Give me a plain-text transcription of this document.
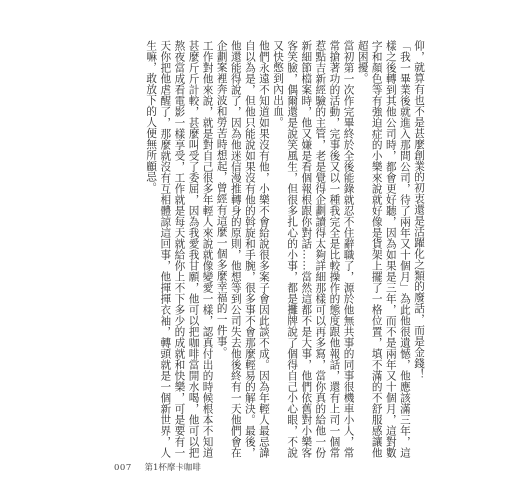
仰，就算有也不是甚麼創業的初衷還是活躍化之類的廢話，而是金錢！

「我一畢業後就進入那間公司，待了兩年又十個月」為此他很遺憾，他應該滿三年，這樣之後轉到其他公司時，都會更好聽，因為如果是三年，而不是兩年又十個月，這對數字和顏色等有強迫症的小樂來說就好像是貨架上擺了一格位置，填不滿的不舒服感讓他超困擾。

當初第一次作完畢終於全後能錄就忍不住辭職了，源於他無共事的同事很機車小人，常常搶著功的活動，完事後又以一種我完全是比較操作的態度跟他報話，還有上司一個常惹點吉新經驗的主管，老是覺得企劃讀得太夠詳細那樣可以再多寫，當你真的給他一份新細節檔案時，他又嫌是看個報根跟你對話……當然這都不是大事，他們依舊對小樂客客笑臉，偶爾還是說笑風生，但很多扎心的小事，都是攤牌說了個得自己小心眼，不說又快憋到內出血。

他們永遠不知道如果沒有他，小樂不會給說很多案子會因此談不成。因為年輕人最忌諱自以為是，但他只能說如果沒有他的斡旋和手腕，很多事不會那麼輕易的解決。最後，他還能得說了，因為他迷信漫推轉身的原則，他想等到公司失去他後終有一天他們會在企劃案裡奔波和勞苦時想起，曾經有這麼一個多麼幸福的一件事。

工作對他來說，就是對自己很多年輕人來說就像變愛一樣，認真付出的時候根本不知道甚麼斤斤計較，甚麼叫受了委屈，因為我愛我甘願，他可以把咖啡當開水喝，他可以把熬夜當成看電影一樣享受，工作就是每天就給你上不下多少的成就和快樂，可是要有一天你把他虐醒了，那麼就沒有互相體諒這回事，他揮揮衣袖，轉頭就是一個新世界，人生嘛，敢放下的人便無所顧忌。

007 第1杯摩卡咖啡
